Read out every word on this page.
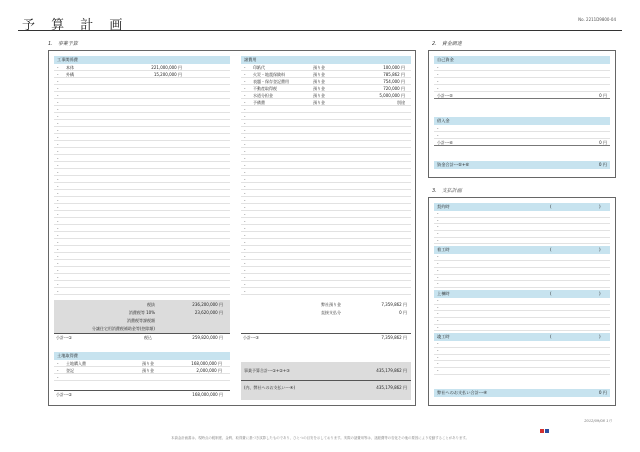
予 算 計 画	No. 2211D9800-04
1. 事業予算	2. 資金調達
3. 支払計画
工事関係費
- 本体	221,000,000 円
- 外構	15,200,000 円
-
-
-
-
-
-
-
-
-
-
-
-
-
-
-
-
-
-
-
-
-
-
-
-
-
-
-
-
-
-
-
税抜	236,200,000 円
消費税等 10%	23,620,000 円
消費税等課税額
分譲住宅用消費税補助金等(控除額)
小計---①	税込	259,820,000 円
土地取得費
- 土地購入費	預り金	168,000,000 円
- 登記	預り金	2,000,000 円
-
小計---②	168,000,000 円
諸費用
- 印紙代	預り金	100,000 円
- 火災・地震保険料	預り金	785,862 円
- 表題・保存登記費用	預り金	754,000 円
- 不動産取得税	預り金	720,000 円
- 水道分担金	預り金	5,000,000 円
- 予備費	預り金	別途
-
-
-
-
-
-
-
-
-
-
-
-
-
-
-
-
-
-
-
-
-
-
-
-
-
-
-
弊社預り金	7,359,862 円
直接支払分	0 円
小計---③	7,359,862 円
事業予算合計---①+②+③	435,179,862 円
(内、弊社へのお支払い---④)	435,179,862 円
自己資金
-
-
-
-
小計---⑤	0 円
借入金
-
-
小計---⑥	0 円
資金合計---⑤+⑥	0 円
契約時	(	)
-
-
-
-
-
着工時	(	)
-
-
-
-
-
上棟時	(	)
-
-
-
-
-
竣工時	(	)
-
-
-
-
-
弊社へのお支払い合計---④	0 円
2012/09/08 1月
本資金計画書は、現時点の税制度、金利、取得費に基づき試算したものであり、ひとつの目安を示しております。実際の諸費用等は、諸経費等の変化その他の要因により変動することがあります。
